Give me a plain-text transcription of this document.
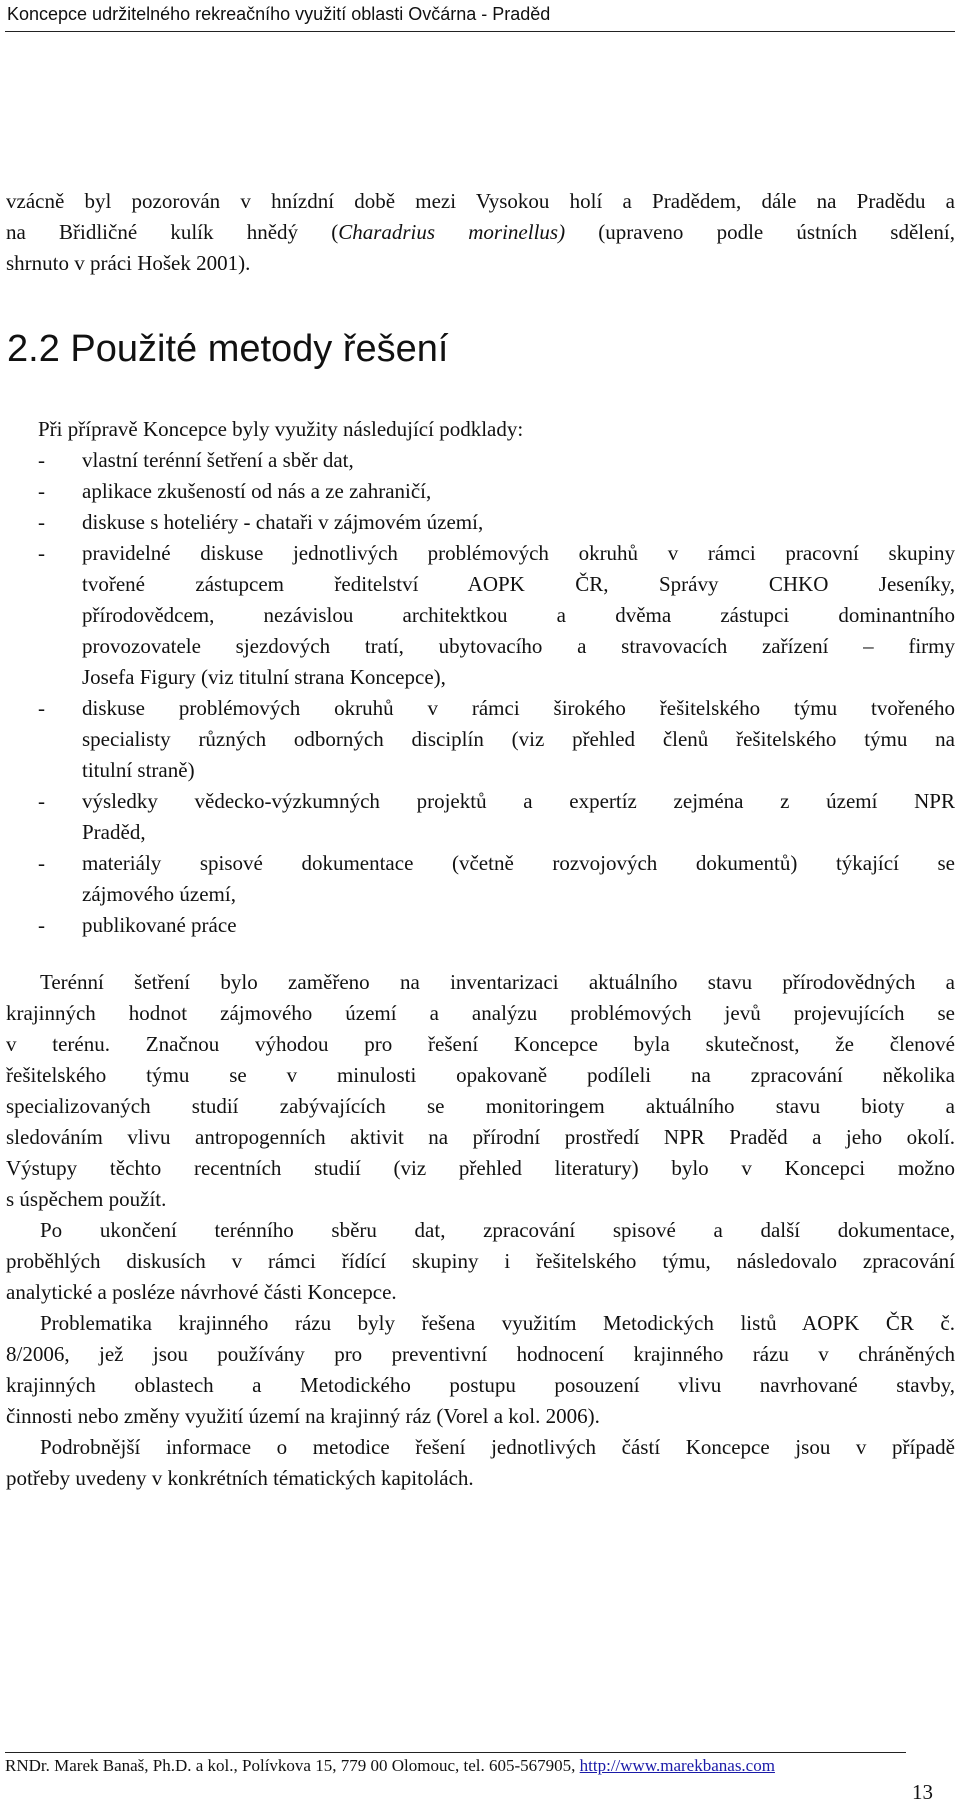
Koncepce udržitelného rekreačního využití oblasti Ovčárna - Praděd
vzácně byl pozorován v hnízdní době mezi Vysokou holí a Pradědem, dále na Pradědu a
na Břidličné kulík hnědý (Charadrius morinellus) (upraveno podle ústních sdělení,
shrnuto v práci Hošek 2001).
2.2 Použité metody řešení
Při přípravě Koncepce byly využity následující podklady:
- vlastní terénní šetření a sběr dat,
- aplikace zkušeností od nás a ze zahraničí,
- diskuse s hoteliéry - chataři v zájmovém území,
- pravidelné diskuse jednotlivých problémových okruhů v rámci pracovní skupiny
tvořené zástupcem ředitelství AOPK ČR, Správy CHKO Jeseníky,
přírodovědcem, nezávislou architektkou a dvěma zástupci dominantního
provozovatele sjezdových tratí, ubytovacího a stravovacích zařízení – firmy
Josefa Figury (viz titulní strana Koncepce),
- diskuse problémových okruhů v rámci širokého řešitelského týmu tvořeného
specialisty různých odborných disciplín (viz přehled členů řešitelského týmu na
titulní straně)
- výsledky vědecko-výzkumných projektů a expertíz zejména z území NPR
Praděd,
- materiály spisové dokumentace (včetně rozvojových dokumentů) týkající se
zájmového území,
- publikované práce
Terénní šetření bylo zaměřeno na inventarizaci aktuálního stavu přírodovědných a
krajinných hodnot zájmového území a analýzu problémových jevů projevujících se
v terénu. Značnou výhodou pro řešení Koncepce byla skutečnost, že členové
řešitelského týmu se v minulosti opakovaně podíleli na zpracování několika
specializovaných studií zabývajících se monitoringem aktuálního stavu bioty a
sledováním vlivu antropogenních aktivit na přírodní prostředí NPR Praděd a jeho okolí.
Výstupy těchto recentních studií (viz přehled literatury) bylo v Koncepci možno
s úspěchem použít.
Po ukončení terénního sběru dat, zpracování spisové a další dokumentace,
proběhlých diskusích v rámci řídící skupiny i řešitelského týmu, následovalo zpracování
analytické a posléze návrhové části Koncepce.
Problematika krajinného rázu byly řešena využitím Metodických listů AOPK ČR č.
8/2006, jež jsou používány pro preventivní hodnocení krajinného rázu v chráněných
krajinných oblastech a Metodického postupu posouzení vlivu navrhované stavby,
činnosti nebo změny využití území na krajinný ráz (Vorel a kol. 2006).
Podrobnější informace o metodice řešení jednotlivých částí Koncepce jsou v případě
potřeby uvedeny v konkrétních tématických kapitolách.
RNDr. Marek Banaš, Ph.D. a kol., Polívkova 15, 779 00 Olomouc, tel. 605-567905, http://www.marekbanas.com
13
